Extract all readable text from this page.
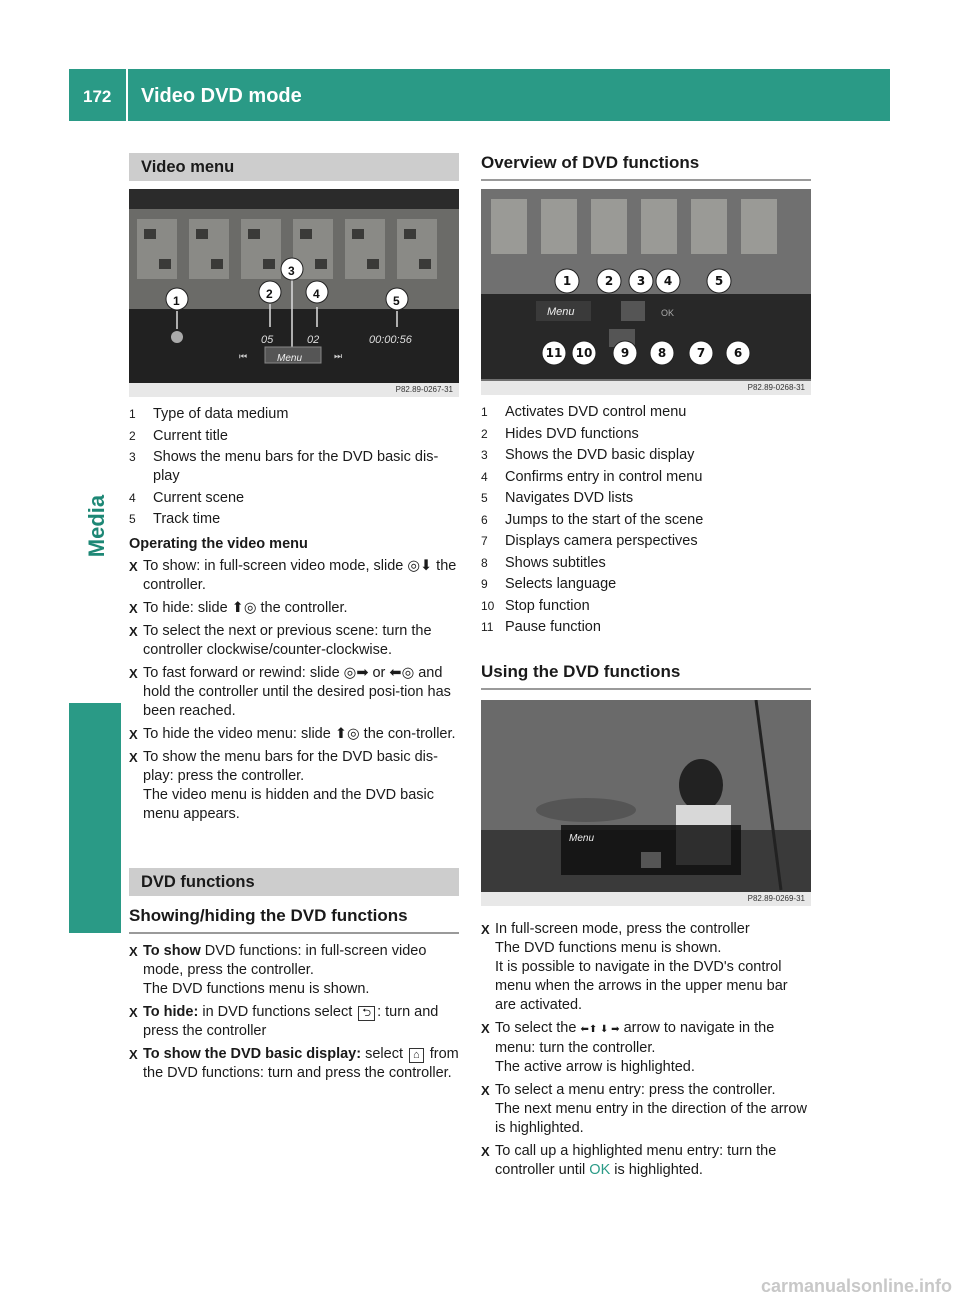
172 Video DVD mode
Media
Video menu
⏮	⏭
1	2
3
4	5
05	02	00:00:56
Menu
P82.89-0267-31
1	Type of data medium
2	Current title
3	Shows the menu bars for the DVD basic dis-play
4	Current scene
5	Track time
Operating the video menu
X To show: in full-screen video mode, slide ◎⬇ the controller.
X To hide: slide ⬆◎ the controller.
X To select the next or previous scene: turn the controller clockwise/counter-clockwise.
X To fast forward or rewind: slide ◎➡ or ⬅◎ and hold the controller until the desired posi-tion has been reached.
X To hide the video menu: slide ⬆◎ the con-troller.
X To show the menu bars for the DVD basic dis-play: press the controller.
The video menu is hidden and the DVD basic menu appears.
DVD functions
Showing/hiding the DVD functions
X To show DVD functions: in full-screen video mode, press the controller.
The DVD functions menu is shown.
X To hide: in DVD functions select ⮌ : turn and press the controller
X To show the DVD basic display: select ⌂ from the DVD functions: turn and press the controller.
Overview of DVD functions
1	2 3 4	5
11 10 9 8	7 6
Menu	OK
P82.89-0268-31
1	Activates DVD control menu
2	Hides DVD functions
3	Shows the DVD basic display
4	Confirms entry in control menu
5	Navigates DVD lists
6	Jumps to the start of the scene
7	Displays camera perspectives
8	Shows subtitles
9	Selects language
10 Stop function
11 Pause function
Using the DVD functions
Menu
P82.89-0269-31
X In full-screen mode, press the controller
The DVD functions menu is shown.
It is possible to navigate in the DVD's control menu when the arrows in the upper menu bar are activated.
X To select the ⬅⬆ ⬇ ➡ arrow to navigate in the menu: turn the controller.
The active arrow is highlighted.
X To select a menu entry: press the controller.
The next menu entry in the direction of the arrow is highlighted.
X To call up a highlighted menu entry: turn the controller until OK is highlighted.
carmanualsonline.info
